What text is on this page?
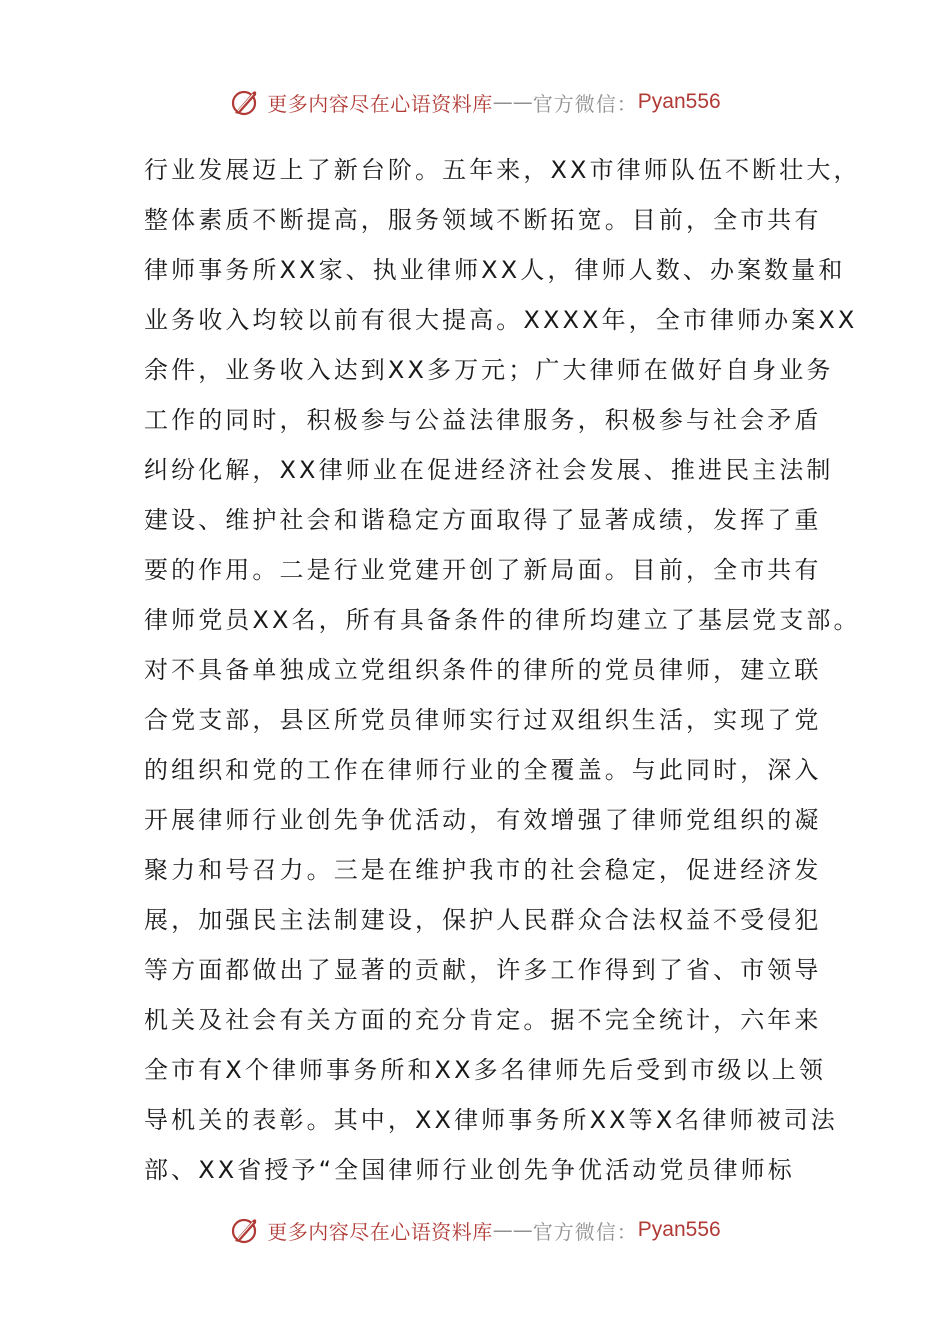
更多内容尽在心语资料库 —— 官方微信： Pyan556
行业发展迈上了新台阶。五年来，XX市律师队伍不断壮大，
整体素质不断提高，服务领域不断拓宽。目前，全市共有
律师事务所XX家、执业律师XX人，律师人数、办案数量和
业务收入均较以前有很大提高。XXXX年，全市律师办案XX
余件，业务收入达到XX多万元；广大律师在做好自身业务
工作的同时，积极参与公益法律服务，积极参与社会矛盾
纠纷化解，XX律师业在促进经济社会发展、推进民主法制
建设、维护社会和谐稳定方面取得了显著成绩，发挥了重
要的作用。二是行业党建开创了新局面。目前，全市共有
律师党员XX名，所有具备条件的律所均建立了基层党支部。
对不具备单独成立党组织条件的律所的党员律师，建立联
合党支部，县区所党员律师实行过双组织生活，实现了党
的组织和党的工作在律师行业的全覆盖。与此同时，深入
开展律师行业创先争优活动，有效增强了律师党组织的凝
聚力和号召力。三是在维护我市的社会稳定，促进经济发
展，加强民主法制建设，保护人民群众合法权益不受侵犯
等方面都做出了显著的贡献，许多工作得到了省、市领导
机关及社会有关方面的充分肯定。据不完全统计，六年来
全市有X个律师事务所和XX多名律师先后受到市级以上领
导机关的表彰。其中，XX律师事务所XX等X名律师被司法
部、XX省授予“全国律师行业创先争优活动党员律师标
更多内容尽在心语资料库 —— 官方微信： Pyan556
